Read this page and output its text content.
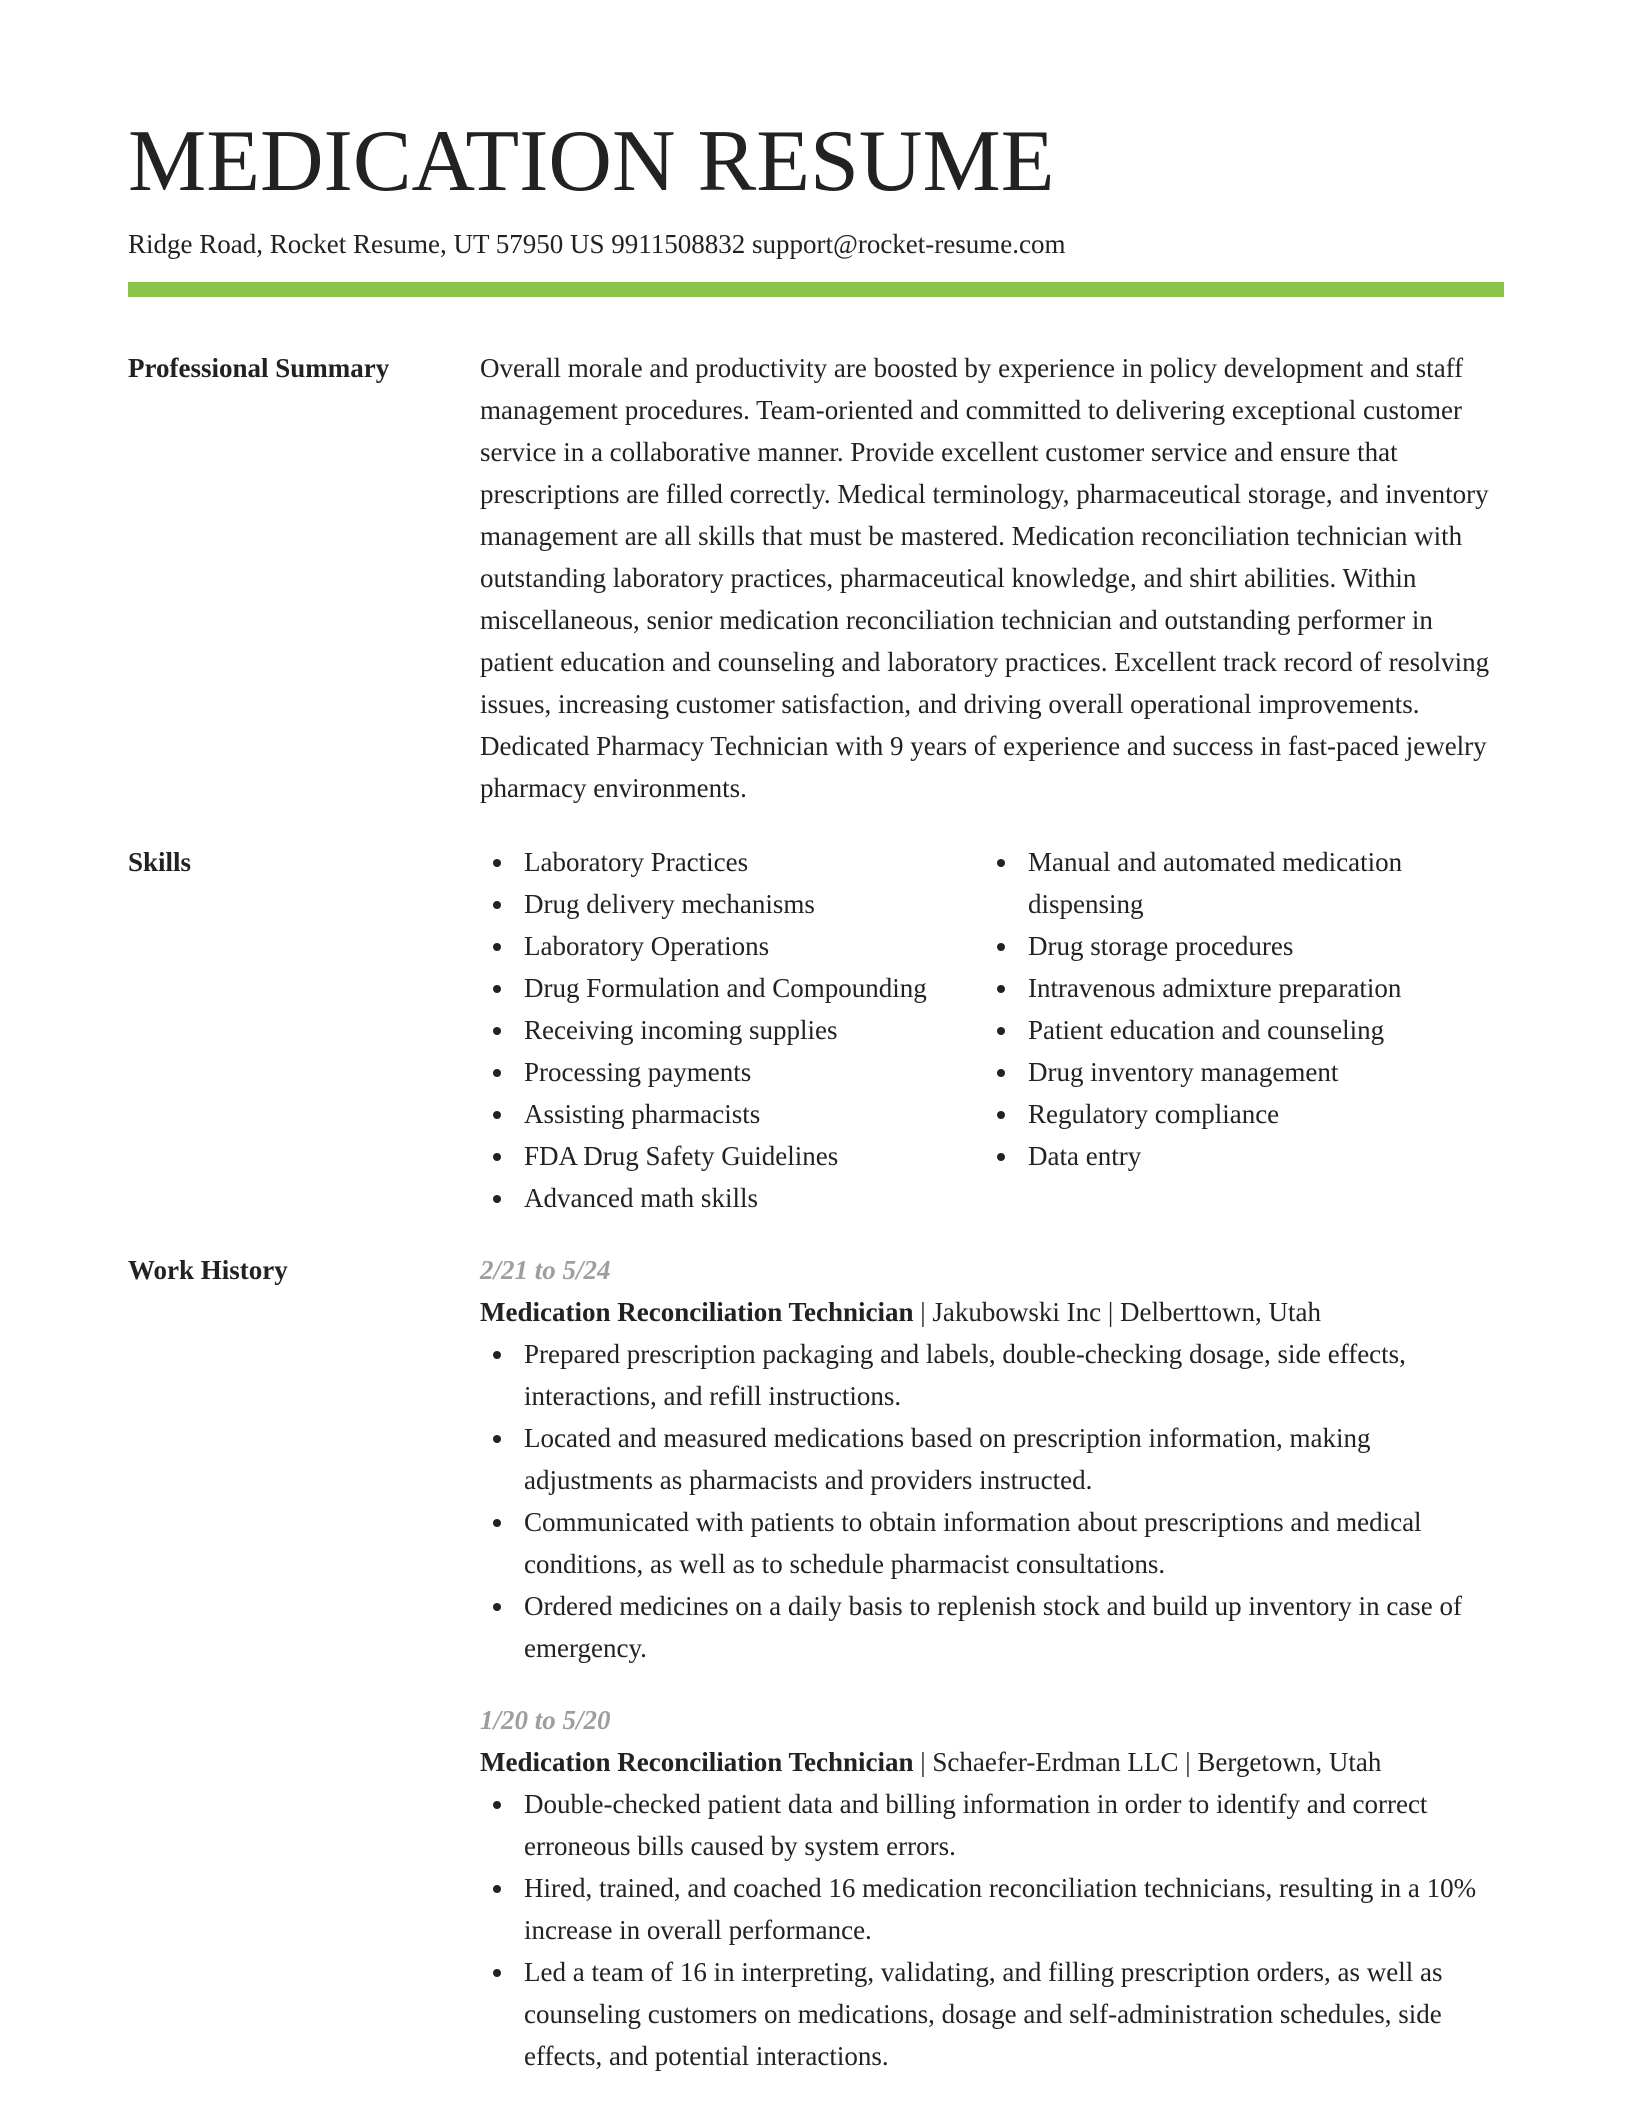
MEDICATION RESUME
Ridge Road, Rocket Resume, UT 57950 US 9911508832 support@rocket-resume.com
Professional Summary	Overall morale and productivity are boosted by experience in policy development and staff management procedures. Team-oriented and committed to delivering exceptional customer service in a collaborative manner. Provide excellent customer service and ensure that prescriptions are filled correctly. Medical terminology, pharmaceutical storage, and inventory management are all skills that must be mastered. Medication reconciliation technician with outstanding laboratory practices, pharmaceutical knowledge, and shirt abilities. Within miscellaneous, senior medication reconciliation technician and outstanding performer in patient education and counseling and laboratory practices. Excellent track record of resolving issues, increasing customer satisfaction, and driving overall operational improvements. Dedicated Pharmacy Technician with 9 years of experience and success in fast-paced jewelry pharmacy environments.
Skills	Laboratory Practices
Drug delivery mechanisms
Laboratory Operations
Drug Formulation and Compounding
Receiving incoming supplies
Processing payments
Assisting pharmacists
FDA Drug Safety Guidelines
Advanced math skills
Manual and automated medication dispensing
Drug storage procedures
Intravenous admixture preparation
Patient education and counseling
Drug inventory management
Regulatory compliance
Data entry
Work History	2/21 to 5/24
Medication Reconciliation Technician | Jakubowski Inc | Delberttown, Utah
Prepared prescription packaging and labels, double-checking dosage, side effects, interactions, and refill instructions.
Located and measured medications based on prescription information, making adjustments as pharmacists and providers instructed.
Communicated with patients to obtain information about prescriptions and medical conditions, as well as to schedule pharmacist consultations.
Ordered medicines on a daily basis to replenish stock and build up inventory in case of emergency.
1/20 to 5/20
Medication Reconciliation Technician | Schaefer-Erdman LLC | Bergetown, Utah
Double-checked patient data and billing information in order to identify and correct erroneous bills caused by system errors.
Hired, trained, and coached 16 medication reconciliation technicians, resulting in a 10% increase in overall performance.
Led a team of 16 in interpreting, validating, and filling prescription orders, as well as counseling customers on medications, dosage and self-administration schedules, side effects, and potential interactions.
